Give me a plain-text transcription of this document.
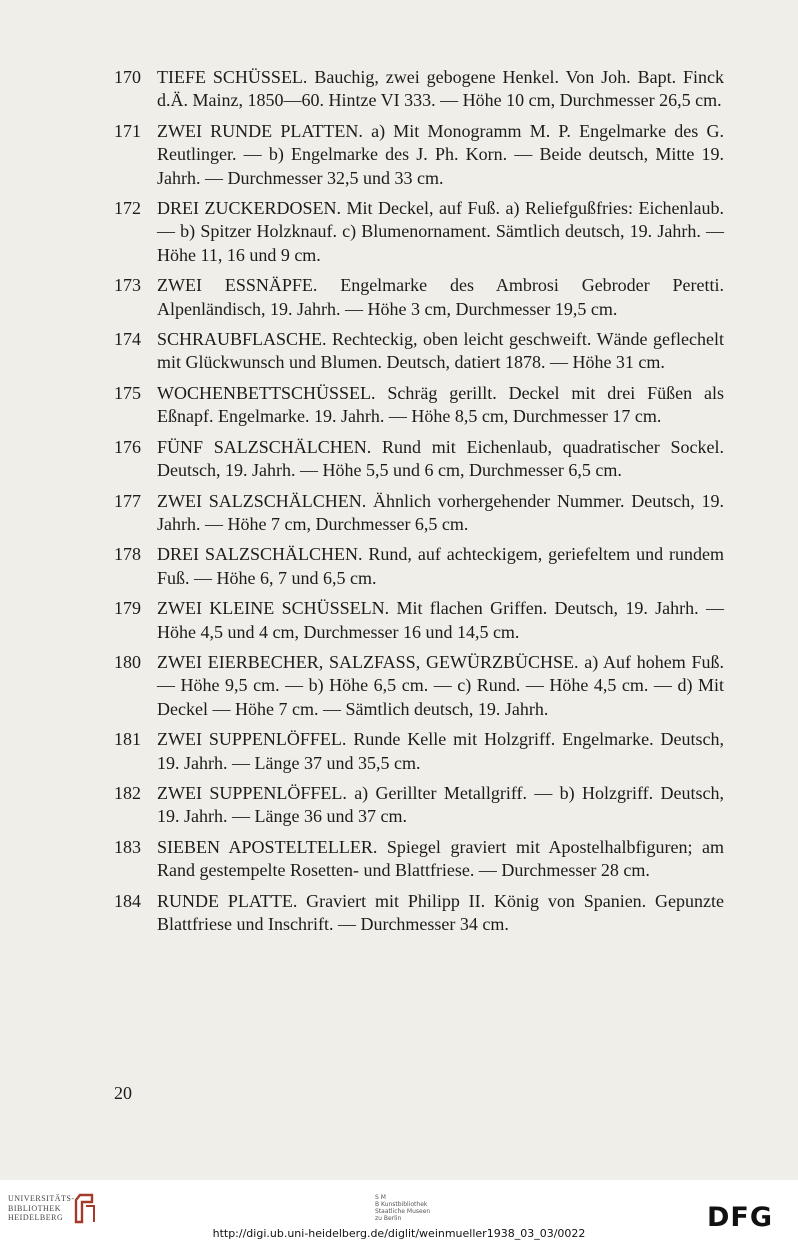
170 TIEFE SCHÜSSEL. Bauchig, zwei gebogene Henkel. Von Joh. Bapt. Finck d.Ä. Mainz, 1850—60. Hintze VI 333. — Höhe 10 cm, Durchmesser 26,5 cm.
171 ZWEI RUNDE PLATTEN. a) Mit Monogramm M. P. Engelmarke des G. Reutlinger. — b) Engelmarke des J. Ph. Korn. — Beide deutsch, Mitte 19. Jahrh. — Durchmesser 32,5 und 33 cm.
172 DREI ZUCKERDOSEN. Mit Deckel, auf Fuß. a) Reliefgußfries: Eichenlaub. — b) Spitzer Holzknauf. c) Blumenornament. Sämtlich deutsch, 19. Jahrh. — Höhe 11, 16 und 9 cm.
173 ZWEI ESSNÄPFE. Engelmarke des Ambrosi Gebroder Peretti. Alpenländisch, 19. Jahrh. — Höhe 3 cm, Durchmesser 19,5 cm.
174 SCHRAUBFLASCHE. Rechteckig, oben leicht geschweift. Wände geflechelt mit Glückwunsch und Blumen. Deutsch, datiert 1878. — Höhe 31 cm.
175 WOCHENBETTSCHÜSSEL. Schräg gerillt. Deckel mit drei Füßen als Eßnapf. Engelmarke. 19. Jahrh. — Höhe 8,5 cm, Durchmesser 17 cm.
176 FÜNF SALZSCHÄLCHEN. Rund mit Eichenlaub, quadratischer Sockel. Deutsch, 19. Jahrh. — Höhe 5,5 und 6 cm, Durchmesser 6,5 cm.
177 ZWEI SALZSCHÄLCHEN. Ähnlich vorhergehender Nummer. Deutsch, 19. Jahrh. — Höhe 7 cm, Durchmesser 6,5 cm.
178 DREI SALZSCHÄLCHEN. Rund, auf achteckigem, geriefeltem und rundem Fuß. — Höhe 6, 7 und 6,5 cm.
179 ZWEI KLEINE SCHÜSSELN. Mit flachen Griffen. Deutsch, 19. Jahrh. — Höhe 4,5 und 4 cm, Durchmesser 16 und 14,5 cm.
180 ZWEI EIERBECHER, SALZFASS, GEWÜRZBÜCHSE. a) Auf hohem Fuß. — Höhe 9,5 cm. — b) Höhe 6,5 cm. — c) Rund. — Höhe 4,5 cm. — d) Mit Deckel — Höhe 7 cm. — Sämtlich deutsch, 19. Jahrh.
181 ZWEI SUPPENLÖFFEL. Runde Kelle mit Holzgriff. Engelmarke. Deutsch, 19. Jahrh. — Länge 37 und 35,5 cm.
182 ZWEI SUPPENLÖFFEL. a) Gerillter Metallgriff. — b) Holzgriff. Deutsch, 19. Jahrh. — Länge 36 und 37 cm.
183 SIEBEN APOSTELTELLER. Spiegel graviert mit Apostelhalbfiguren; am Rand gestempelte Rosetten- und Blattfriese. — Durchmesser 28 cm.
184 RUNDE PLATTE. Graviert mit Philipp II. König von Spanien. Gepunzte Blattfriese und Inschrift. — Durchmesser 34 cm.
20
UNIVERSITÄTS-
BIBLIOTHEK
HEIDELBERG
S M
B Kunstbibliothek
Staatliche Museen
zu Berlin	DFG
http://digi.ub.uni-heidelberg.de/diglit/weinmueller1938_03_03/0022
